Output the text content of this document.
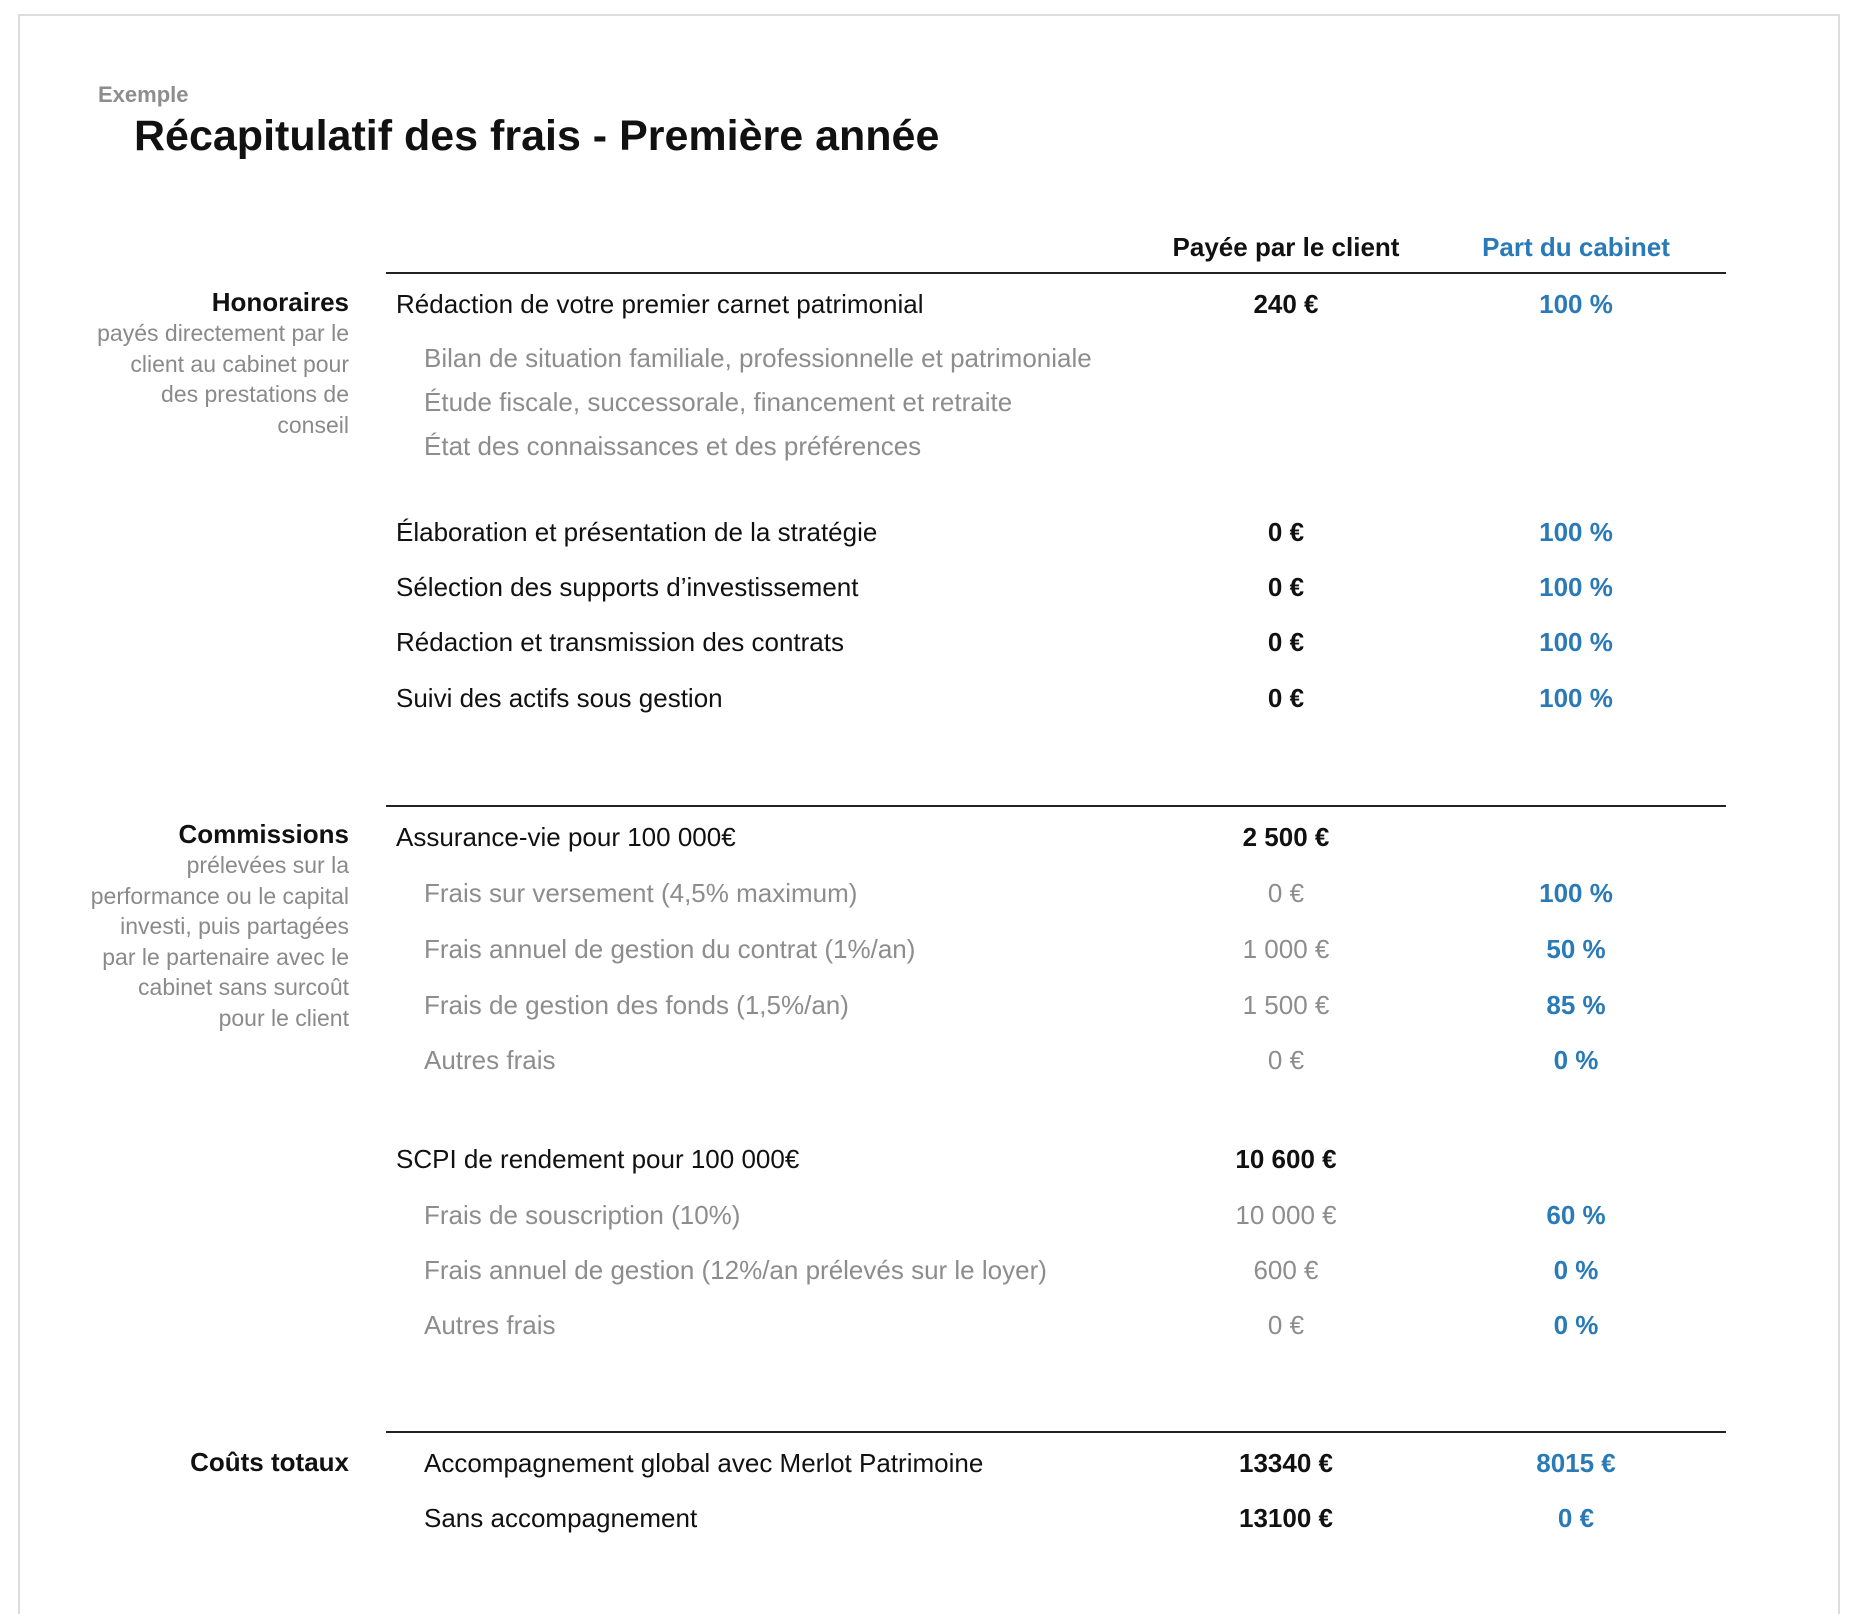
Exemple
Récapitulatif des frais - Première année
Payée par le client	Part du cabinet
Honoraires
payés directement par le client au cabinet pour des prestations de conseil
Rédaction de votre premier carnet patrimonial	240 €	100 %
Bilan de situation familiale, professionnelle et patrimoniale
Étude fiscale, successorale, financement et retraite
État des connaissances et des préférences
Élaboration et présentation de la stratégie	0 €	100 %
Sélection des supports d’investissement	0 €	100 %
Rédaction et transmission des contrats	0 €	100 %
Suivi des actifs sous gestion	0 €	100 %
Commissions
prélevées sur la performance ou le capital investi, puis partagées par le partenaire avec le cabinet sans surcoût pour le client
Assurance-vie pour 100 000€	2 500 €
Frais sur versement (4,5% maximum)	0 €	100 %
Frais annuel de gestion du contrat (1%/an)	1 000 €	50 %
Frais de gestion des fonds (1,5%/an)	1 500 €	85 %
Autres frais	0 €	0 %
SCPI de rendement pour 100 000€	10 600 €
Frais de souscription (10%)	10 000 €	60 %
Frais annuel de gestion (12%/an prélevés sur le loyer)	600 €	0 %
Autres frais	0 €	0 %
Coûts totaux	Accompagnement global avec Merlot Patrimoine	13340 €	8015 €
Sans accompagnement	13100 €	0 €
